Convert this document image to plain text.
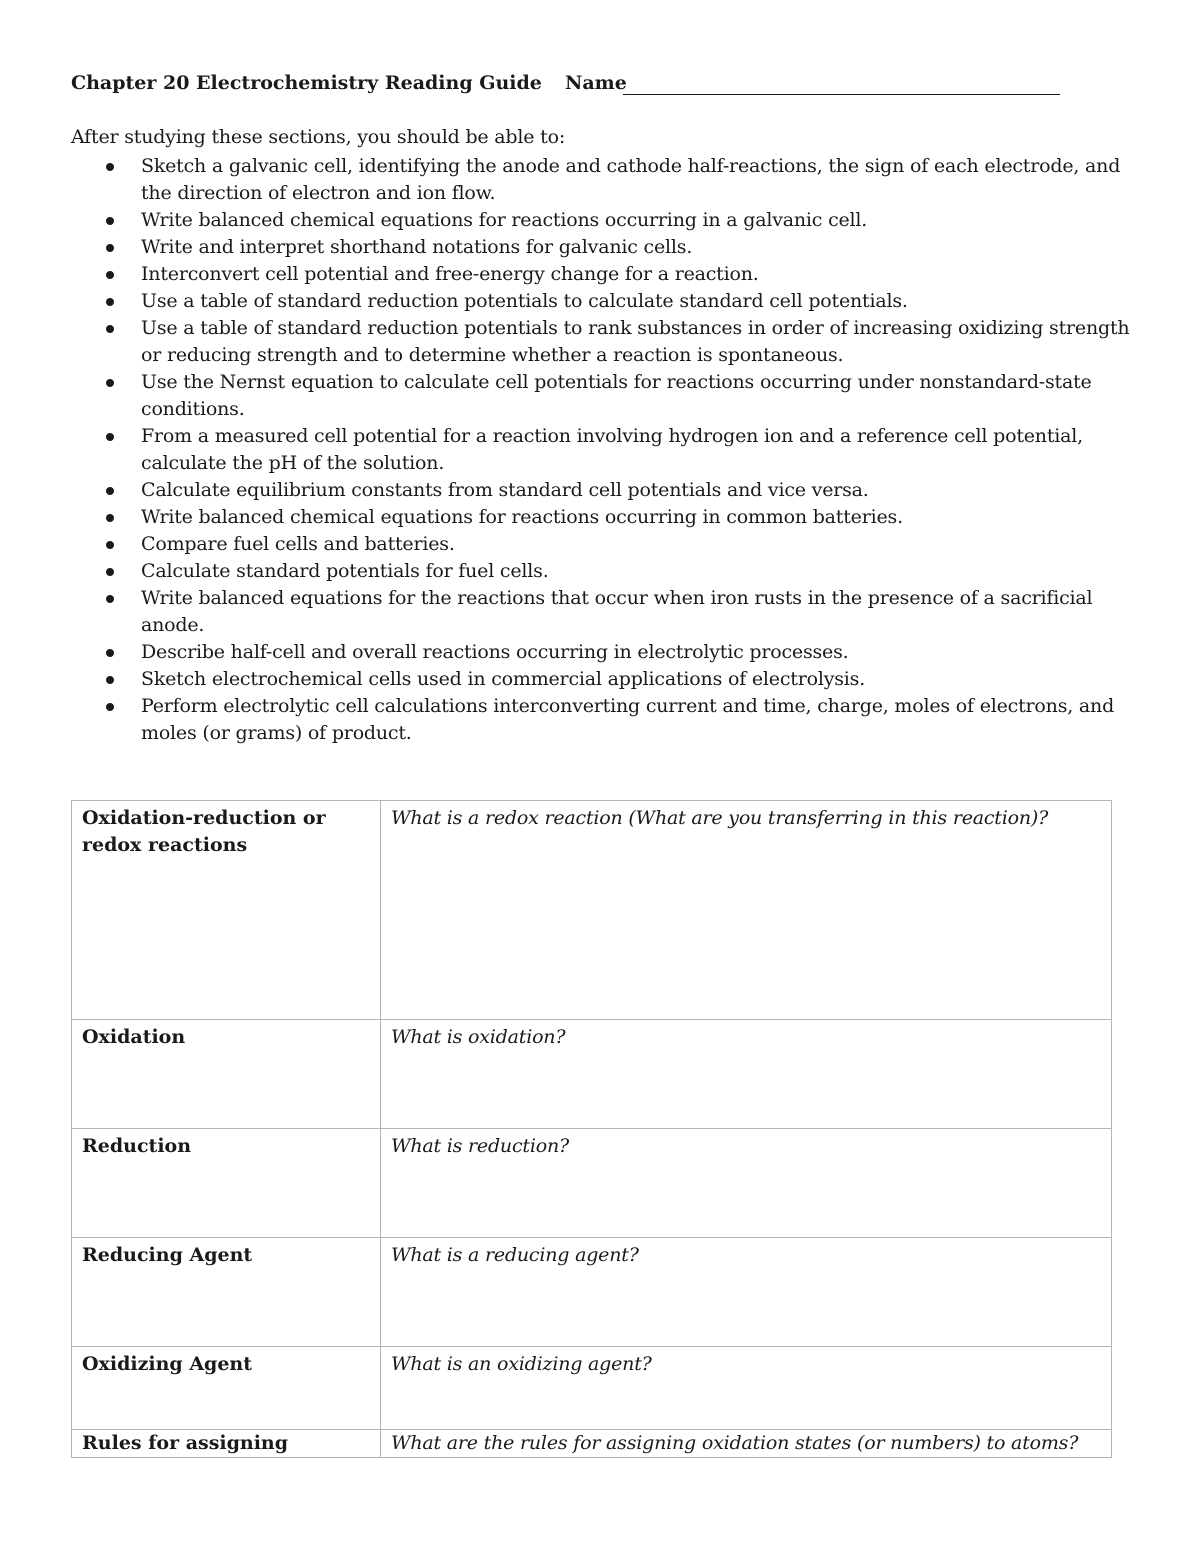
Chapter 20 Electrochemistry Reading Guide Name
After studying these sections, you should be able to:
Sketch a galvanic cell, identifying the anode and cathode half-reactions, the sign of each electrode, and the direction of electron and ion flow.
Write balanced chemical equations for reactions occurring in a galvanic cell.
Write and interpret shorthand notations for galvanic cells.
Interconvert cell potential and free-energy change for a reaction.
Use a table of standard reduction potentials to calculate standard cell potentials.
Use a table of standard reduction potentials to rank substances in order of increasing oxidizing strength or reducing strength and to determine whether a reaction is spontaneous.
Use the Nernst equation to calculate cell potentials for reactions occurring under nonstandard-state conditions.
From a measured cell potential for a reaction involving hydrogen ion and a reference cell potential, calculate the pH of the solution.
Calculate equilibrium constants from standard cell potentials and vice versa.
Write balanced chemical equations for reactions occurring in common batteries.
Compare fuel cells and batteries.
Calculate standard potentials for fuel cells.
Write balanced equations for the reactions that occur when iron rusts in the presence of a sacrificial anode.
Describe half-cell and overall reactions occurring in electrolytic processes.
Sketch electrochemical cells used in commercial applications of electrolysis.
Perform electrolytic cell calculations interconverting current and time, charge, moles of electrons, and moles (or grams) of product.
Oxidation-reduction or redox reactions	What is a redox reaction (What are you transferring in this reaction)?
Oxidation	What is oxidation?
Reduction	What is reduction?
Reducing Agent	What is a reducing agent?
Oxidizing Agent	What is an oxidizing agent?
Rules for assigning	What are the rules for assigning oxidation states (or numbers) to atoms?
